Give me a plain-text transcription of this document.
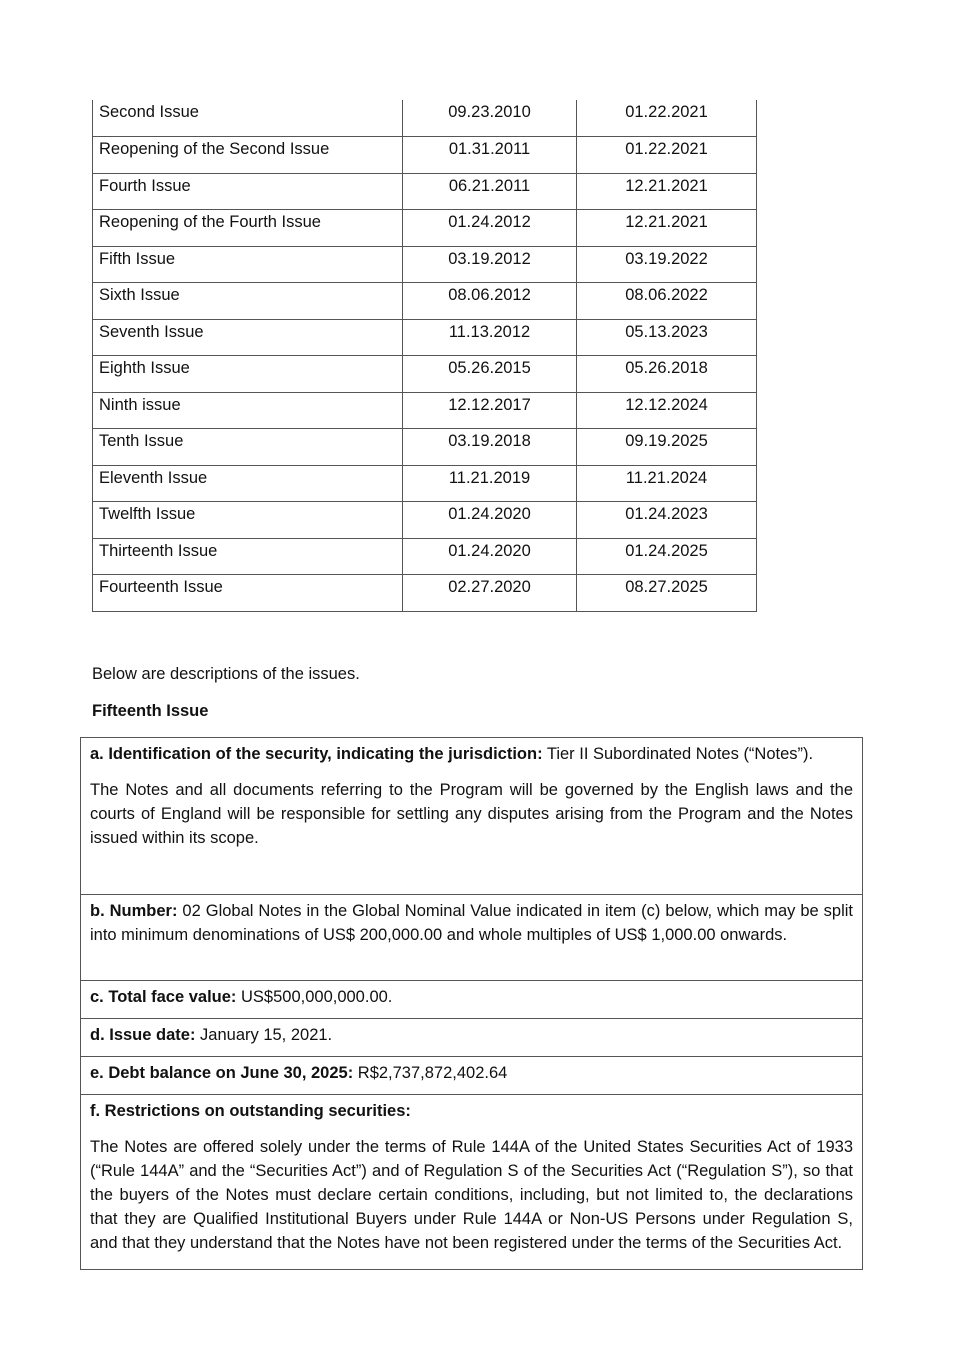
Second Issue	09.23.2010	01.22.2021
Reopening of the Second Issue	01.31.2011	01.22.2021
Fourth Issue	06.21.2011	12.21.2021
Reopening of the Fourth Issue	01.24.2012	12.21.2021
Fifth Issue	03.19.2012	03.19.2022
Sixth Issue	08.06.2012	08.06.2022
Seventh Issue	11.13.2012	05.13.2023
Eighth Issue	05.26.2015	05.26.2018
Ninth issue	12.12.2017	12.12.2024
Tenth Issue	03.19.2018	09.19.2025
Eleventh Issue	11.21.2019	11.21.2024
Twelfth Issue	01.24.2020	01.24.2023
Thirteenth Issue	01.24.2020	01.24.2025
Fourteenth Issue	02.27.2020	08.27.2025
Below are descriptions of the issues.
Fifteenth Issue

a. Identification of the security, indicating the jurisdiction: Tier II Subordinated Notes (“Notes”).

The Notes and all documents referring to the Program will be governed by the English laws and the courts of England will be responsible for settling any disputes arising from the Program and the Notes issued within its scope.

b. Number: 02 Global Notes in the Global Nominal Value indicated in item (c) below, which may be split into minimum denominations of US$ 200,000.00 and whole multiples of US$ 1,000.00 onwards.

c. Total face value: US$500,000,000.00.

d. Issue date: January 15, 2021.

e. Debt balance on June 30, 2025: R$2,737,872,402.64

f. Restrictions on outstanding securities:

The Notes are offered solely under the terms of Rule 144A of the United States Securities Act of 1933 (“Rule 144A” and the “Securities Act”) and of Regulation S of the Securities Act (“Regulation S”), so that the buyers of the Notes must declare certain conditions, including, but not limited to, the declarations that they are Qualified Institutional Buyers under Rule 144A or Non-US Persons under Regulation S, and that they understand that the Notes have not been registered under the terms of the Securities Act.
